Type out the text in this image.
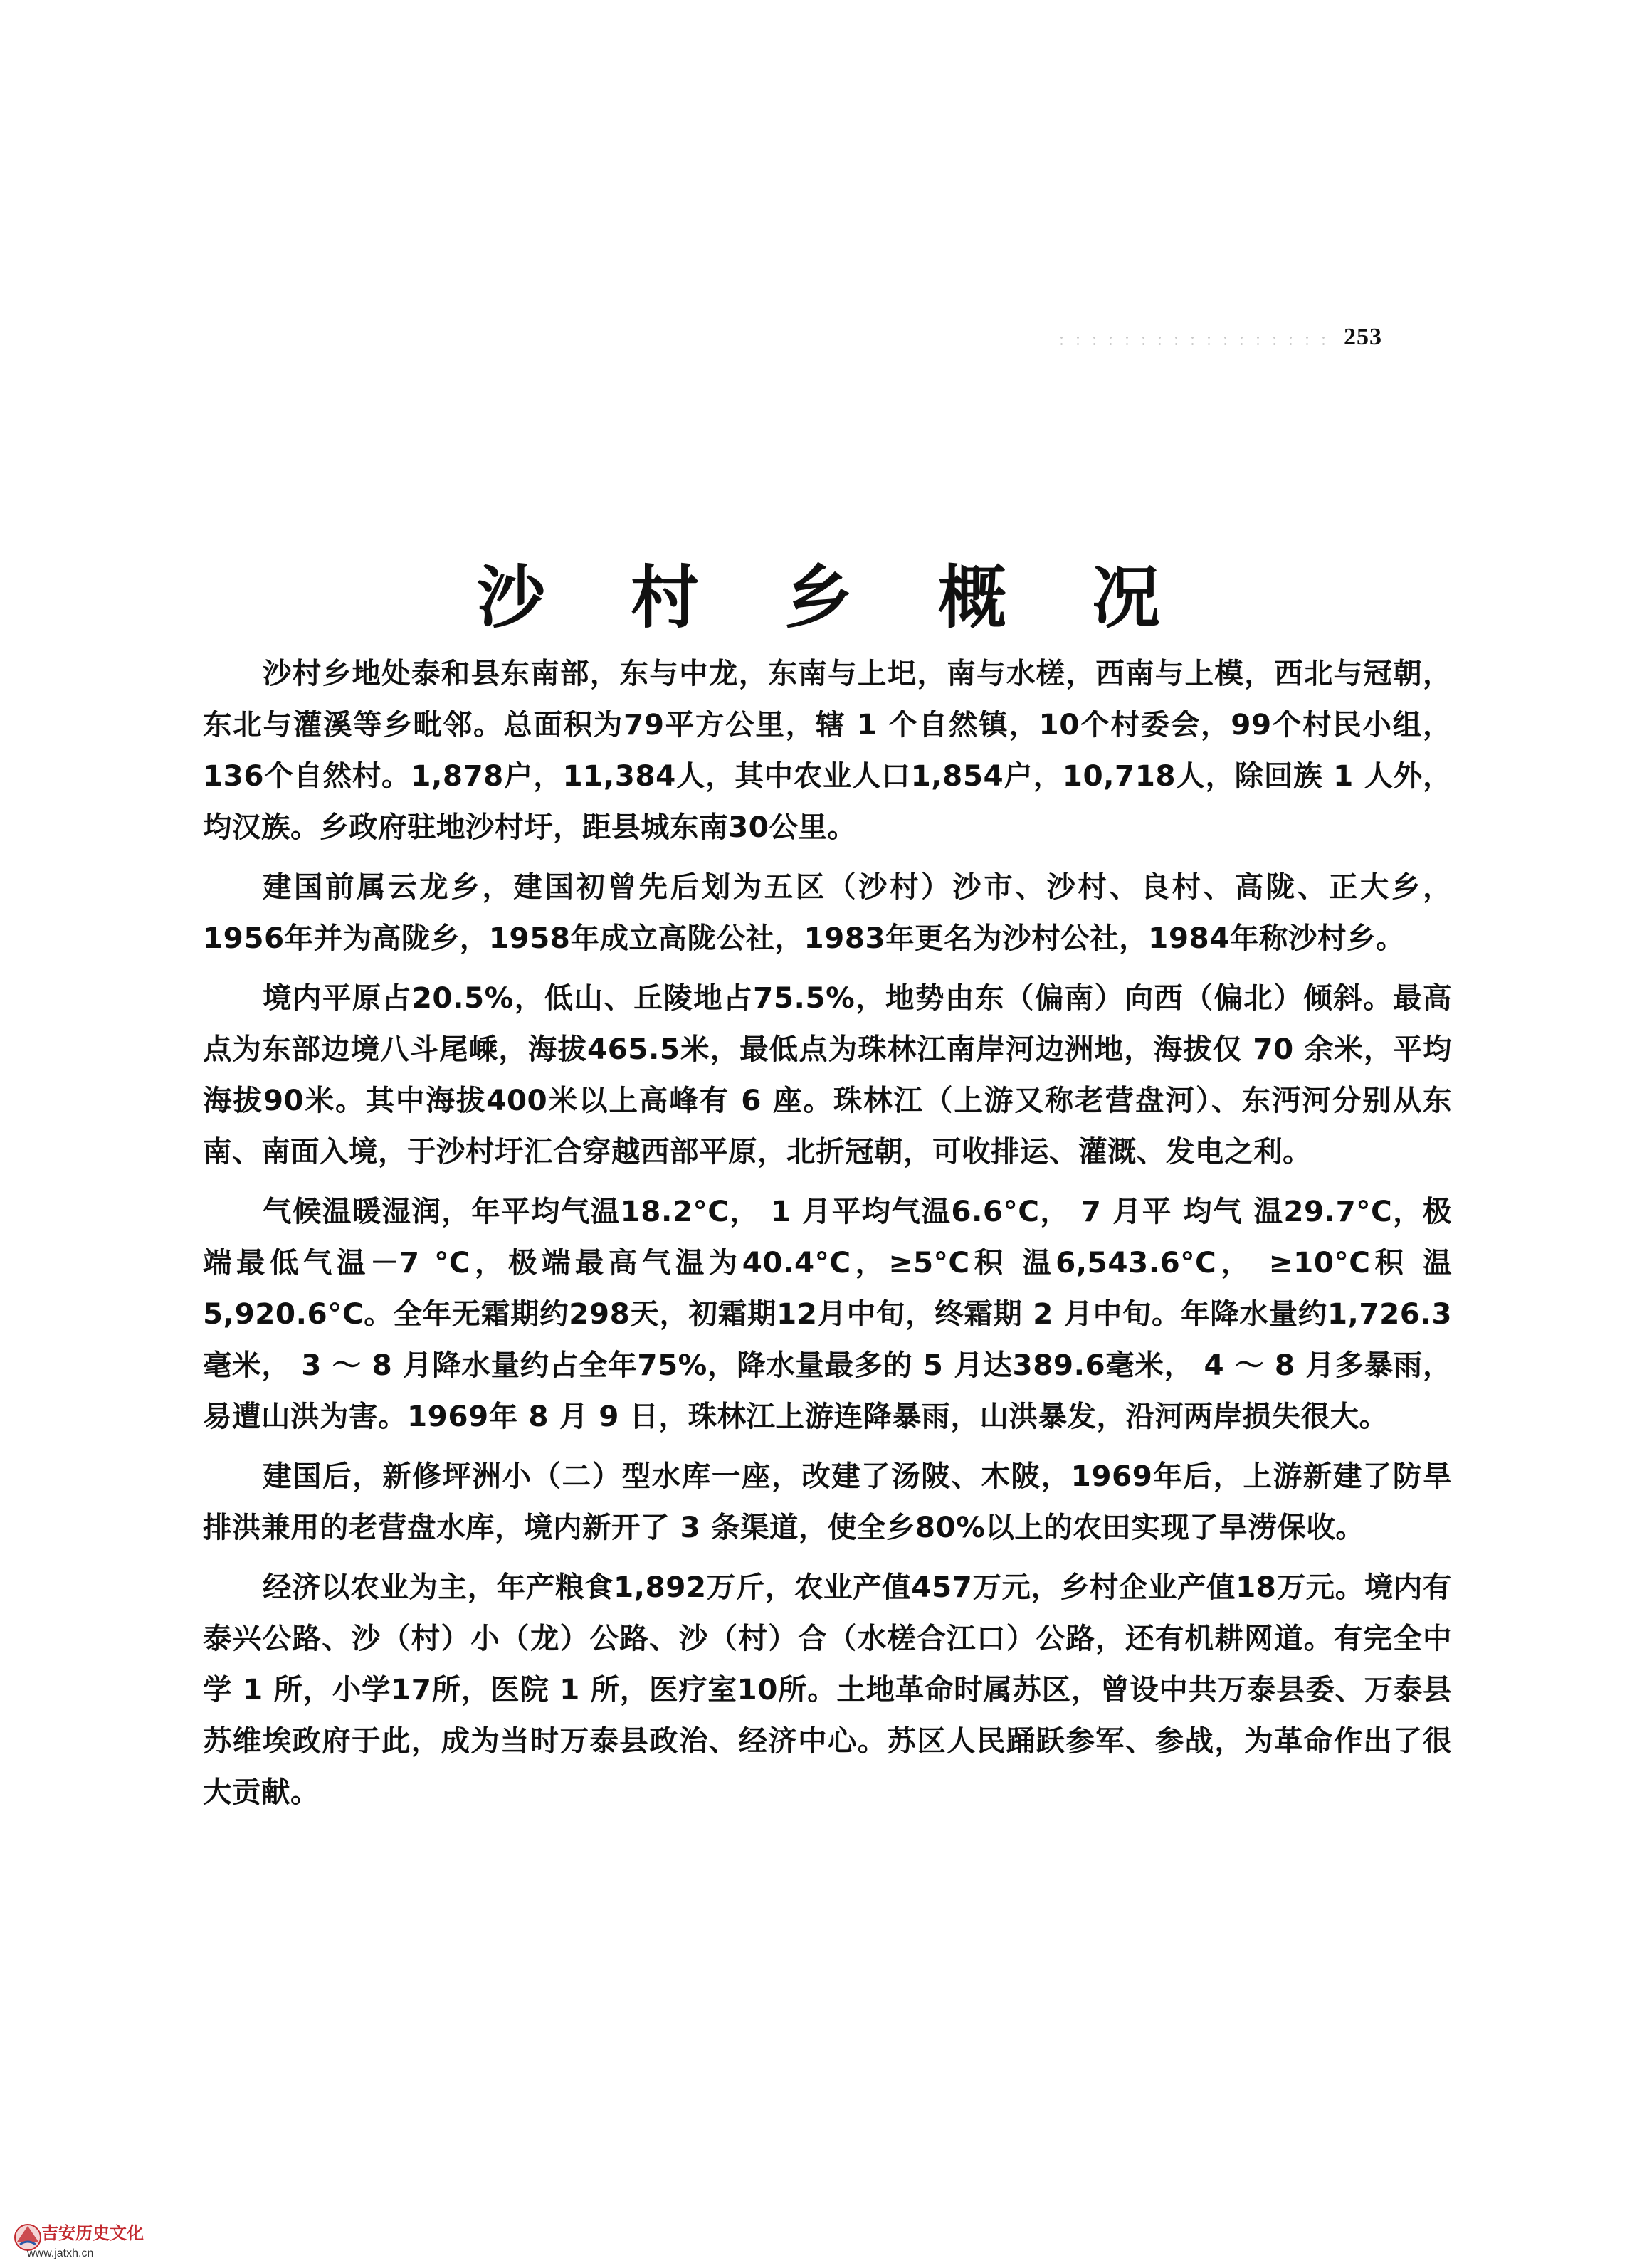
253
沙村乡概况

沙村乡地处泰和县东南部，东与中龙，东南与上圯，南与水槎，西南与上模，西北与冠朝，东北与灌溪等乡毗邻。总面积为79平方公里，辖 1 个自然镇，10个村委会，99个村民小组，136个自然村。1,878户，11,384人，其中农业人口1,854户，10,718人，除回族 1 人外，均汉族。乡政府驻地沙村圩，距县城东南30公里。

建国前属云龙乡，建国初曾先后划为五区（沙村）沙市、沙村、良村、高陇、正大乡，1956年并为高陇乡，1958年成立高陇公社，1983年更名为沙村公社，1984年称沙村乡。

境内平原占20.5%，低山、丘陵地占75.5%，地势由东（偏南）向西（偏北）倾斜。最高点为东部边境八斗尾嵊，海拔465.5米，最低点为珠林江南岸河边洲地，海拔仅 70 余米，平均海拔90米。其中海拔400米以上高峰有 6 座。珠林江（上游又称老营盘河）、东沔河分别从东南、南面入境，于沙村圩汇合穿越西部平原，北折冠朝，可收排运、灌溉、发电之利。

气候温暖湿润，年平均气温18.2°C， 1 月平均气温6.6°C， 7 月平 均气 温29.7°C，极端最低气温－7 °C，极端最高气温为40.4°C，≥5°C积 温6,543.6°C， ≥10°C积 温5,920.6°C。全年无霜期约298天，初霜期12月中旬，终霜期 2 月中旬。年降水量约1,726.3毫米， 3 ～ 8 月降水量约占全年75%，降水量最多的 5 月达389.6毫米， 4 ～ 8 月多暴雨，易遭山洪为害。1969年 8 月 9 日，珠林江上游连降暴雨，山洪暴发，沿河两岸损失很大。

建国后，新修坪洲小（二）型水库一座，改建了汤陂、木陂，1969年后，上游新建了防旱排洪兼用的老营盘水库，境内新开了 3 条渠道，使全乡80%以上的农田实现了旱涝保收。

经济以农业为主，年产粮食1,892万斤，农业产值457万元，乡村企业产值18万元。境内有泰兴公路、沙（村）小（龙）公路、沙（村）合（水槎合江口）公路，还有机耕网道。有完全中学 1 所，小学17所，医院 1 所，医疗室10所。土地革命时属苏区，曾设中共万泰县委、万泰县苏维埃政府于此，成为当时万泰县政治、经济中心。苏区人民踊跃参军、参战，为革命作出了很大贡献。

吉安历史文化
www.jatxh.cn
